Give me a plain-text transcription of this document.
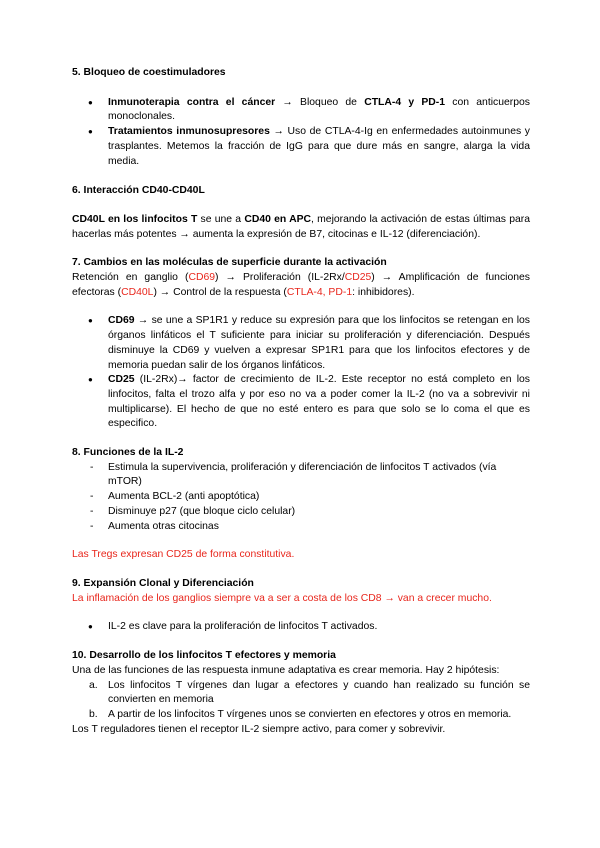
5. Bloqueo de coestimuladores

● Inmunoterapia contra el cáncer → Bloqueo de CTLA-4 y PD-1 con anticuerpos monoclonales.
● Tratamientos inmunosupresores → Uso de CTLA-4-Ig en enfermedades autoinmunes y trasplantes. Metemos la fracción de IgG para que dure más en sangre, alarga la vida media.

6. Interacción CD40-CD40L

CD40L en los linfocitos T se une a CD40 en APC, mejorando la activación de estas últimas para hacerlas más potentes → aumenta la expresión de B7, citocinas e IL-12 (diferenciación).

7. Cambios en las moléculas de superficie durante la activación

Retención en ganglio (CD69) → Proliferación (IL-2Rx/CD25) → Amplificación de funciones efectoras (CD40L) → Control de la respuesta (CTLA-4, PD-1: inhibidores).

● CD69 → se une a SP1R1 y reduce su expresión para que los linfocitos se retengan en los órganos linfáticos el T suficiente para iniciar su proliferación y diferenciación. Después disminuye la CD69 y vuelven a expresar SP1R1 para que los linfocitos efectores y de memoria puedan salir de los órganos linfáticos.
● CD25 (IL-2Rx)→ factor de crecimiento de IL-2. Este receptor no está completo en los linfocitos, falta el trozo alfa y por eso no va a poder comer la IL-2 (no va a sobrevivir ni multiplicarse). El hecho de que no esté entero es para que solo se lo coma el que es especifico.

8. Funciones de la IL-2

- Estimula la supervivencia, proliferación y diferenciación de linfocitos T activados (vía mTOR)
- Aumenta BCL-2 (anti apoptótica)
- Disminuye p27 (que bloque ciclo celular)
- Aumenta otras citocinas

Las Tregs expresan CD25 de forma constitutiva.

9. Expansión Clonal y Diferenciación

La inflamación de los ganglios siempre va a ser a costa de los CD8 → van a crecer mucho.

● IL-2 es clave para la proliferación de linfocitos T activados.

10. Desarrollo de los linfocitos T efectores y memoria

Una de las funciones de las respuesta inmune adaptativa es crear memoria. Hay 2 hipótesis:

a. Los linfocitos T vírgenes dan lugar a efectores y cuando han realizado su función se convierten en memoria
b. A partir de los linfocitos T vírgenes unos se convierten en efectores y otros en memoria.

Los T reguladores tienen el receptor IL-2 siempre activo, para comer y sobrevivir.
